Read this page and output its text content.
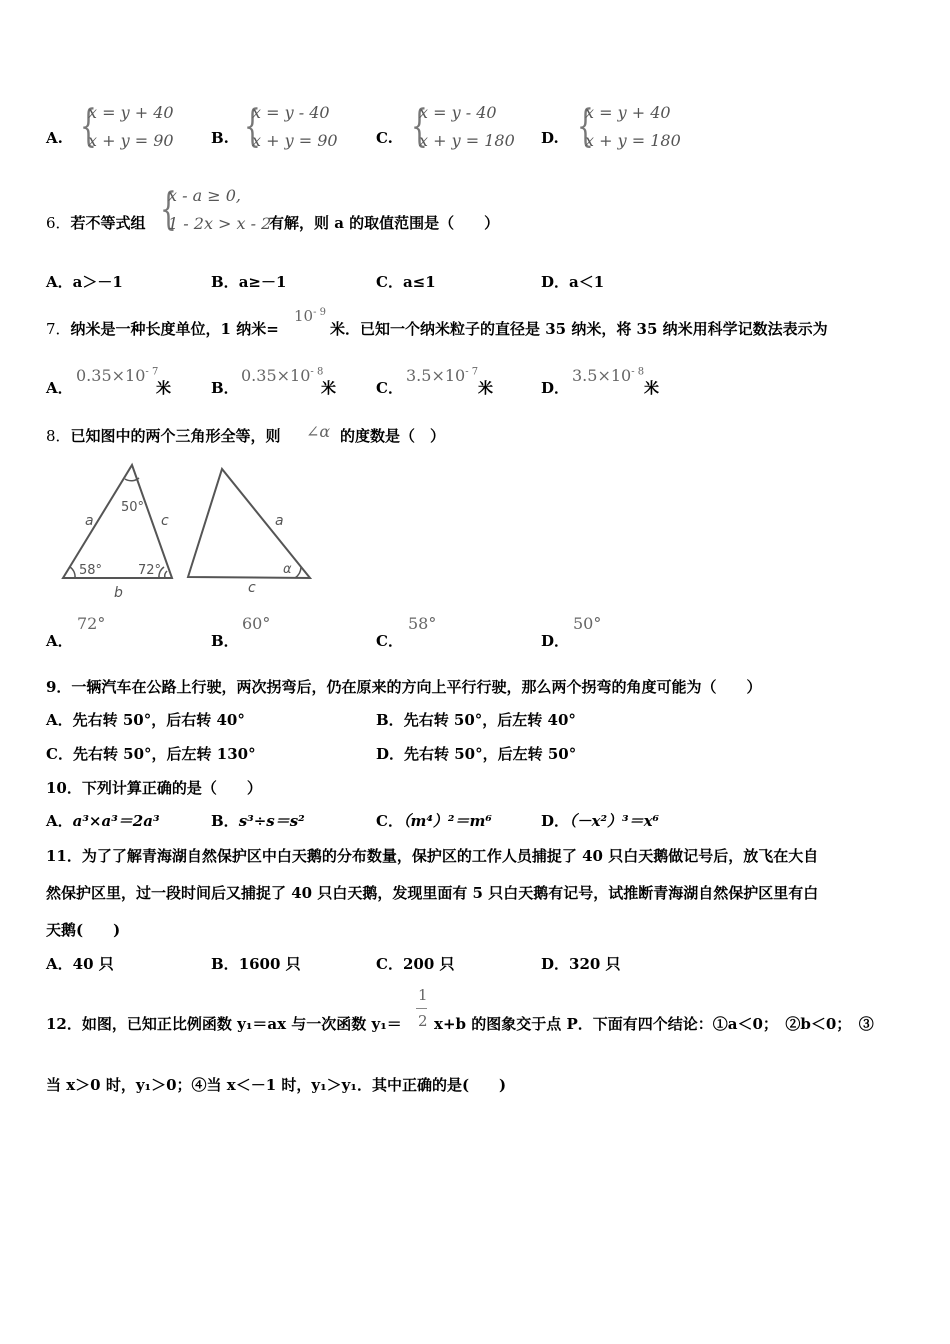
A. {
x = y + 40
x + y = 90 B. {
x = y - 40
x + y = 90	C. {
x = y - 40
x + y = 180 D. {
x = y + 40
x + y = 180
6．若不等式组 {
x - a ≥ 0,
1 - 2x > x - 2
有解，则 a 的取值范围是（　　）
A．a＞－1	B．a≥－1	C．a≤1	D．a＜1
7．纳米是一种长度单位，1 纳米=
$10^{- 9}$
米．已知一个纳米粒子的直径是 35 纳米，将 35 纳米用科学记数法表示为
A．
$0.35\times 10^{- 7}$
米	B．
$0.35\times 10^{- 8}$
米	C．
$3.5\times 10^{- 7}$
米	D．
$3.5\times 10^{- 8}$
米
8．已知图中的两个三角形全等，则 ∠α 的度数是（　）
50°
58°	72°
a	c
b
a
α
c
A．
72°
B．
60°
C．
58°
D．
50°
9．一辆汽车在公路上行驶，两次拐弯后，仍在原来的方向上平行行驶，那么两个拐弯的角度可能为（　　）
A．先右转 50°，后右转 40°	B．先右转 50°，后左转 40°
C．先右转 50°，后左转 130°	D．先右转 50°，后左转 50°
10．下列计算正确的是（　　）
A．a³×a³＝2a³	B．s³÷s＝s²	C．（m⁴）²＝m⁶	D．（－x²）³＝x⁶
11．为了了解青海湖自然保护区中白天鹅的分布数量，保护区的工作人员捕捉了 40 只白天鹅做记号后，放飞在大自
然保护区里，过一段时间后又捕捉了 40 只白天鹅，发现里面有 5 只白天鹅有记号，试推断青海湖自然保护区里有白
天鹅(　　)
A．40 只	B．1600 只	C．200 只	D．320 只
12．如图，已知正比例函数 y₁＝ax 与一次函数 y₁＝
1
2 x+b 的图象交于点 P．下面有四个结论：①a＜0；　②b＜0；　③
当 x＞0 时，y₁＞0；④当 x＜－1 时，y₁＞y₁．其中正确的是(　　)
